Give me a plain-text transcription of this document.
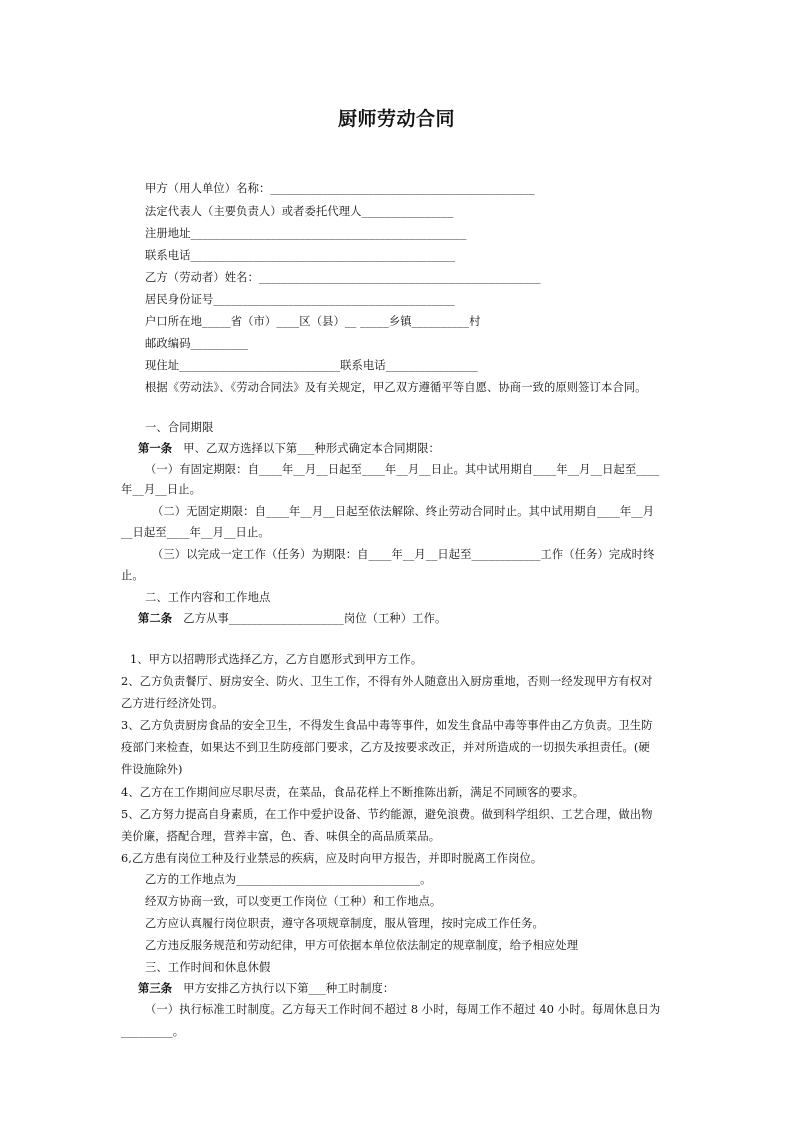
厨师劳动合同
甲方（用人单位）名称：______________________________________________
法定代表人（主要负责人）或者委托代理人________________
注册地址________________________________________________
联系电话______________________________________________
乙方（劳动者）姓名：_________________________________________________
居民身份证号__________________________________________
户口所在地_____省（市）____区（县）__ _____乡镇__________村
邮政编码__________
现住址____________________________联系电话________________
根据《劳动法》、《劳动合同法》及有关规定，甲乙双方遵循平等自愿、协商一致的原则签订本合同。
一、合同期限
第一条 甲、乙双方选择以下第___种形式确定本合同期限：
（一）有固定期限：自____年__月__日起至____年__月__日止。其中试用期自____年__月__日起至____
年__月__日止。
（二）无固定期限：自____年__月__日起至依法解除、终止劳动合同时止。其中试用期自____年__月
__日起至____年__月__日止。
（三）以完成一定工作（任务）为期限：自____年__月__日起至____________工作（任务）完成时终
止。
二、工作内容和工作地点
第二条 乙方从事____________________岗位（工种）工作。
1、甲方以招聘形式选择乙方，乙方自愿形式到甲方工作。
2、乙方负责餐厅、厨房安全、防火、卫生工作，不得有外人随意出入厨房重地，否则一经发现甲方有权对
乙方进行经济处罚。
3、乙方负责厨房食品的安全卫生，不得发生食品中毒等事件，如发生食品中毒等事件由乙方负责。卫生防
疫部门来检查，如果达不到卫生防疫部门要求，乙方及按要求改正，并对所造成的一切损失承担责任。(硬
件设施除外)
4、乙方在工作期间应尽职尽责，在菜品，食品花样上不断推陈出新，满足不同顾客的要求。
5、乙方努力提高自身素质，在工作中爱护设备、节约能源，避免浪费。做到科学组织、工艺合理，做出物
美价廉，搭配合理，营养丰富，色、香、味俱全的高品质菜品。
6,乙方患有岗位工种及行业禁忌的疾病，应及时向甲方报告，并即时脱离工作岗位。
乙方的工作地点为________________________________。
经双方协商一致，可以变更工作岗位（工种）和工作地点。
乙方应认真履行岗位职责，遵守各项规章制度，服从管理，按时完成工作任务。
乙方违反服务规范和劳动纪律，甲方可依据本单位依法制定的规章制度，给予相应处理
三、工作时间和休息休假
第三条 甲方安排乙方执行以下第___种工时制度：
（一）执行标准工时制度。乙方每天工作时间不超过 8 小时，每周工作不超过 40 小时。每周休息日为
_________。
